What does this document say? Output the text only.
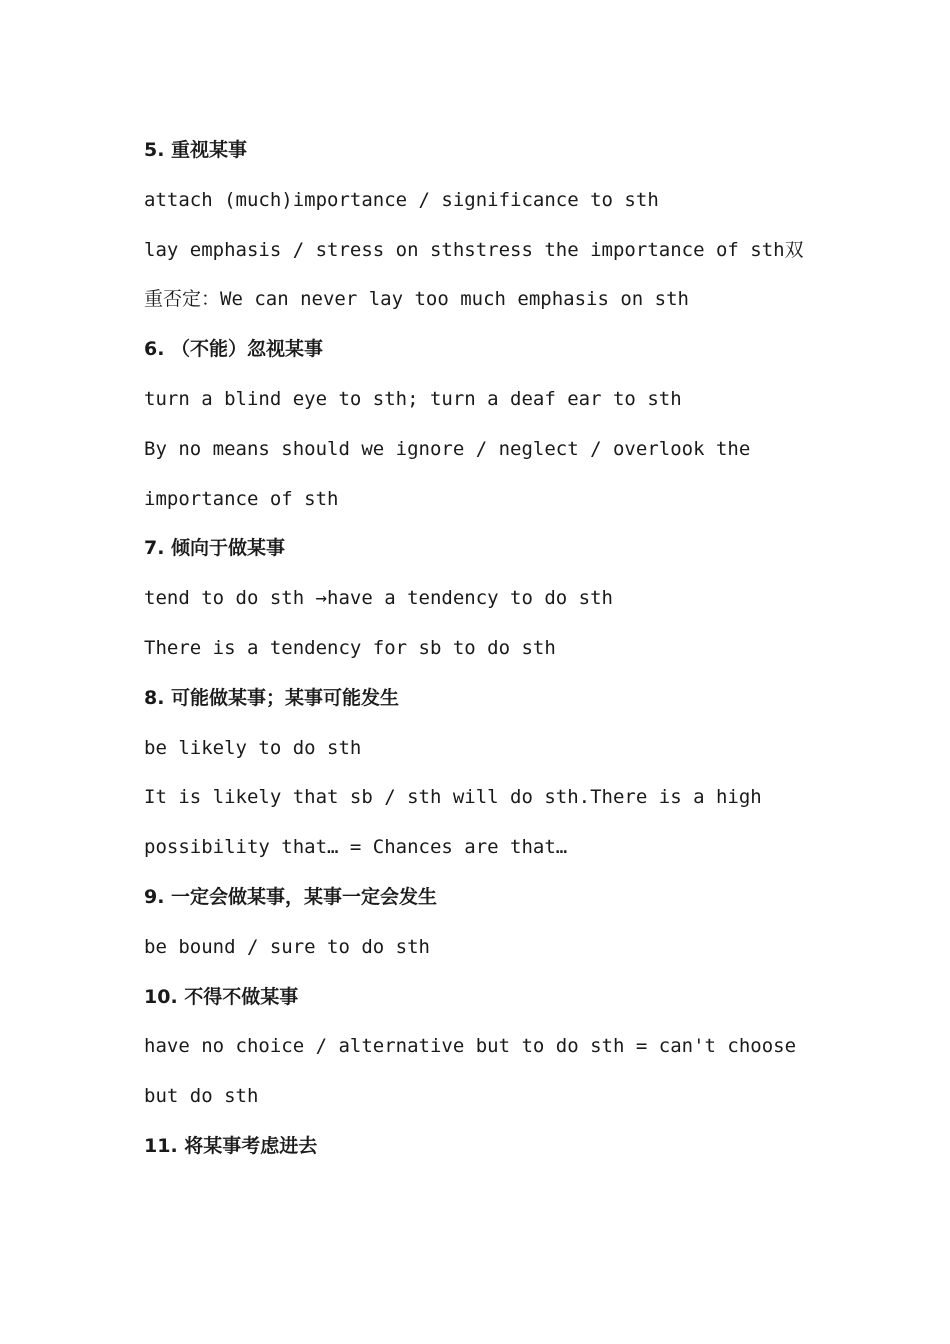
5. 重视某事
attach (much)importance / significance to sth
lay emphasis / stress on sthstress the importance of sth双
重否定：We can never lay too much emphasis on sth
6. （不能）忽视某事
turn a blind eye to sth; turn a deaf ear to sth
By no means should we ignore / neglect / overlook the
importance of sth
7. 倾向于做某事
tend to do sth →have a tendency to do sth
There is a tendency for sb to do sth
8. 可能做某事；某事可能发生
be likely to do sth
It is likely that sb / sth will do sth.There is a high
possibility that… = Chances are that…
9. 一定会做某事，某事一定会发生
be bound / sure to do sth
10. 不得不做某事
have no choice / alternative but to do sth = can't choose
but do sth
11. 将某事考虑进去
